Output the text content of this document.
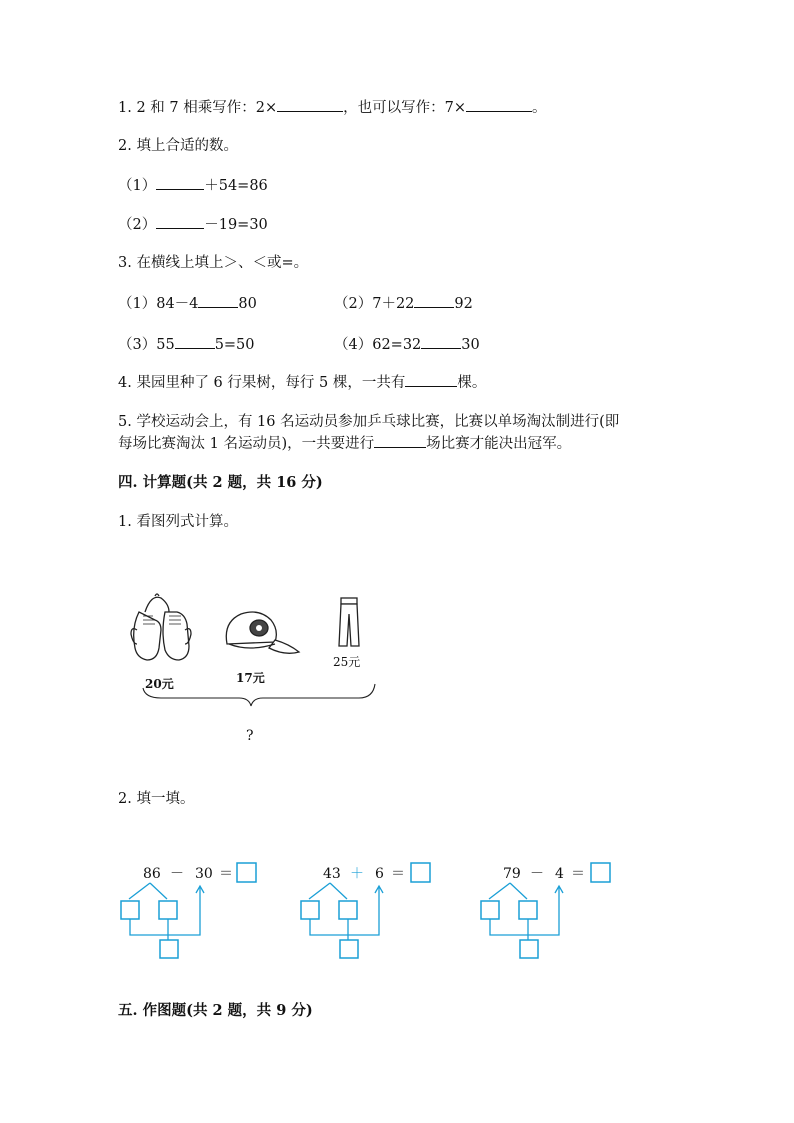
1. 2 和 7 相乘写作：2×	，也可以写作：7×	。
2. 填上合适的数。
（1）	＋54=86
（2）	－19=30
3. 在横线上填上＞、＜或=。
（1）84－4	80	（2）7＋22	92
（3）55	5=50	（4）62=32	30
4. 果园里种了 6 行果树，每行 5 棵，一共有	棵。
5. 学校运动会上，有 16 名运动员参加乒乓球比赛，比赛以单场淘汰制进行(即
每场比赛淘汰 1 名运动员)，一共要进行	场比赛才能决出冠军。
四. 计算题(共 2 题，共 16 分)
1. 看图列式计算。
20元	17元
25元
?
2. 填一填。
86 － 30 ＝	43 ＋ 6 ＝	79 － 4 ＝
五. 作图题(共 2 题，共 9 分)
